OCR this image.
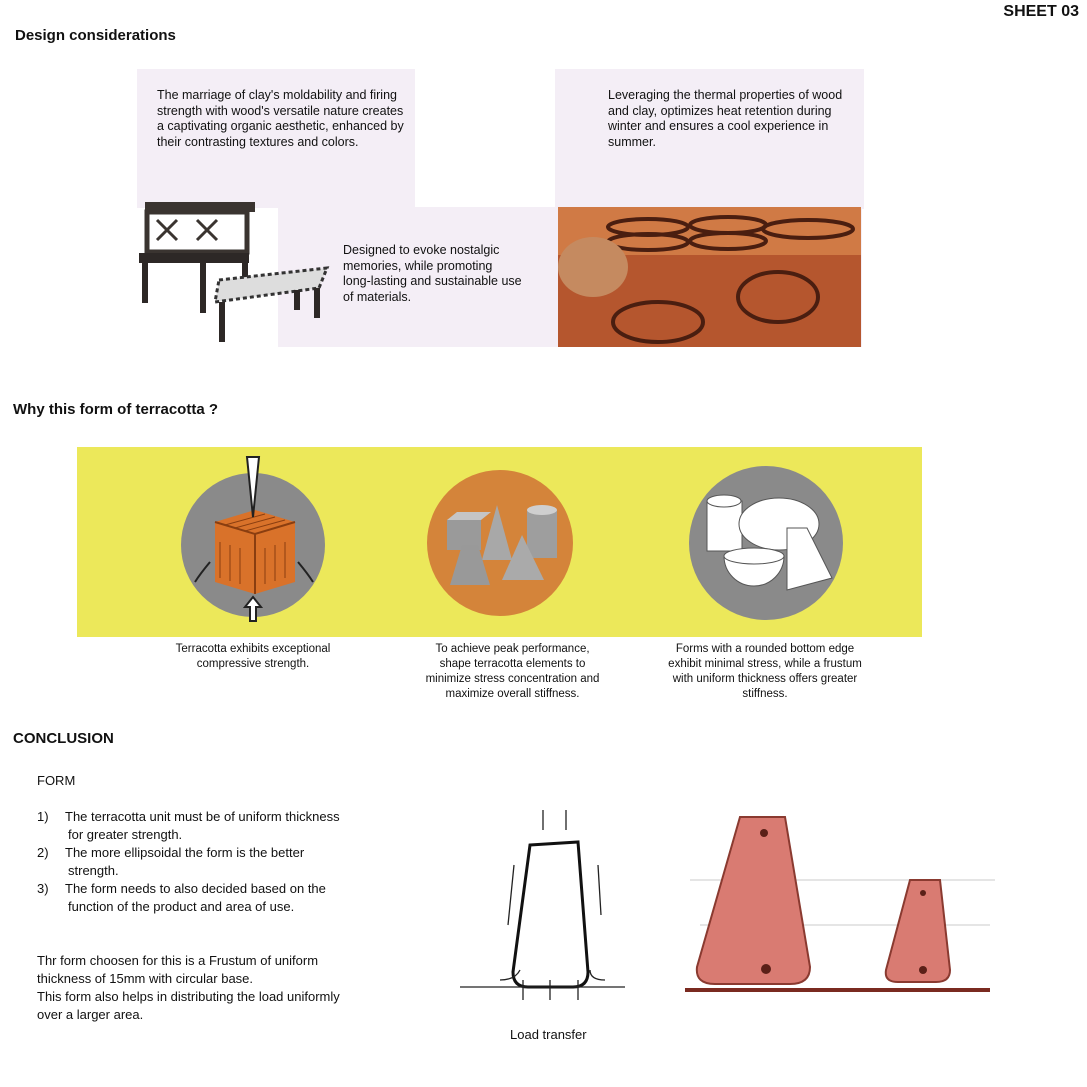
SHEET 03
Design considerations
The marriage of clay's moldability and firing strength with wood's versatile nature creates a captivating organic aesthetic, enhanced by their contrasting textures and colors.
Leveraging the thermal properties of wood and clay, optimizes heat retention during winter and ensures a cool experience in summer.
Designed to evoke nostalgic memories, while promoting long-lasting and sustainable use of materials.
Why this form of terracotta ?
Terracotta exhibits exceptional compressive strength.
To achieve peak performance, shape terracotta elements to minimize stress concentration and maximize overall stiffness.
Forms with a rounded bottom edge exhibit minimal stress, while a frustum with uniform thickness offers greater stiffness.
CONCLUSION
FORM
1) The terracotta unit must be of uniform thickness
for greater strength.
2) The more ellipsoidal the form is the better
strength.
3) The form needs to also decided based on the
function of the product and area of use.
Thr form choosen for this is a Frustum of uniform
thickness of 15mm with circular base.
This form also helps in distributing the load uniformly
over a larger area.
Load transfer
